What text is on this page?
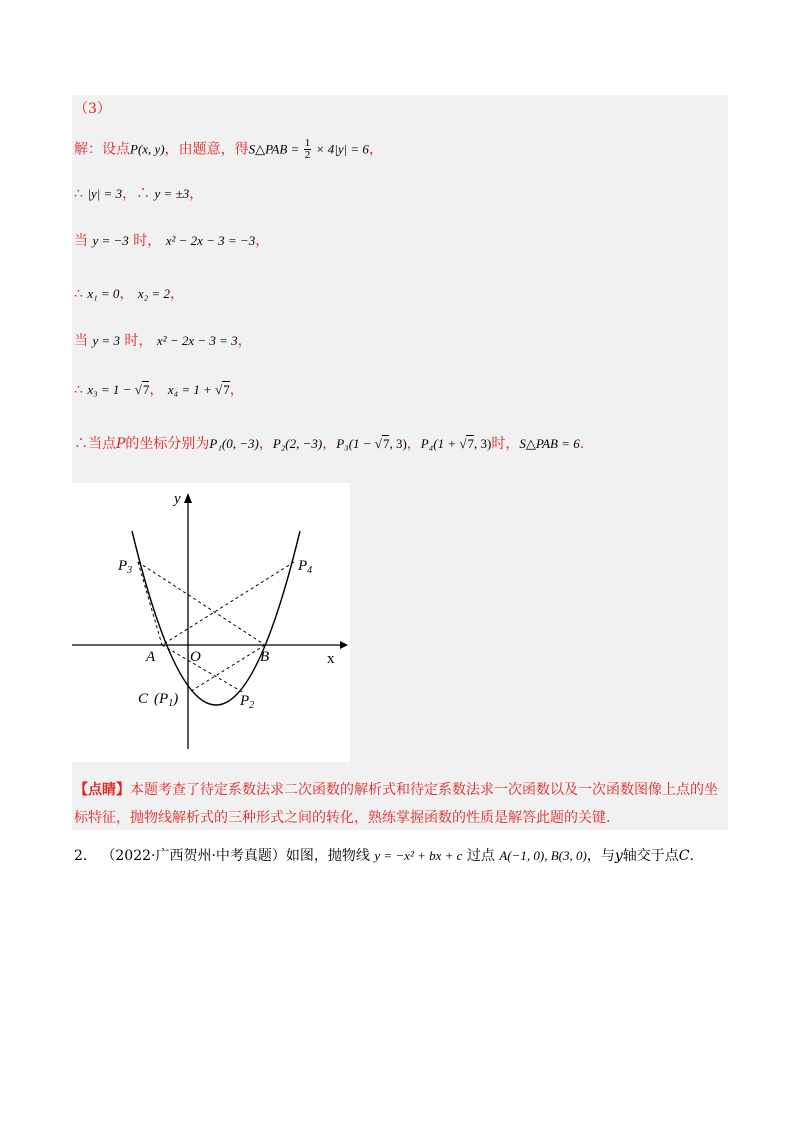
（3）
解：设点P(x, y)，由题意，得S△PAB = $\frac{1}{2} \times 4|y| = 6$，
∴ |y| = 3，∴ y = ±3，
当 y = −3 时， x² − 2x − 3 = −3，
∴ x₁ = 0， x₂ = 2，
当 y = 3 时， x² − 2x − 3 = 3，
∴ x₃ = 1 − √7， x₄ = 1 + √7，
∴当点P的坐标分别为P₁(0, −3)，P₂(2, −3)，P₃(1 − √7, 3)，P₄(1 + √7, 3)时，S△PAB = 6.
x
y
O
A	B
$P_3$	$P_4$
$P_2$
C $(P_1)$
【点睛】本题考查了待定系数法求二次函数的解析式和待定系数法求一次函数以及一次函数图像上点的坐标特征，抛物线解析式的三种形式之间的转化，熟练掌握函数的性质是解答此题的关键.
2． （2022·广西贺州·中考真题）如图，抛物线 y = −x² + bx + c 过点 A(−1, 0), B(3, 0)，与y轴交于点C.
